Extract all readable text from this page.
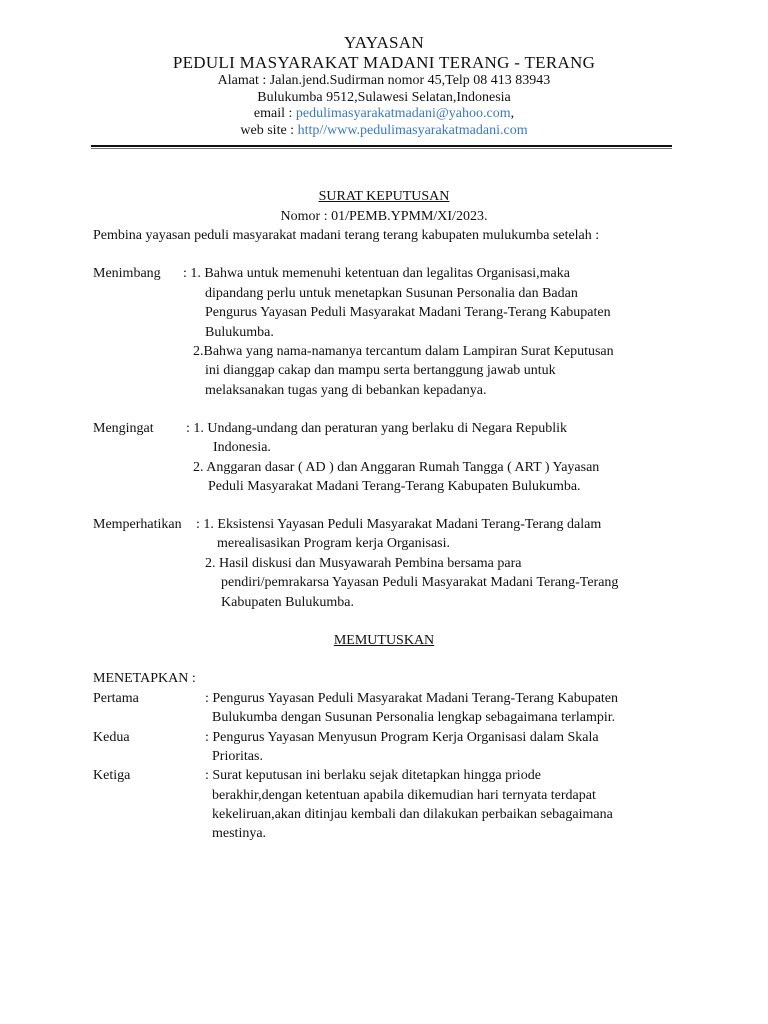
YAYASAN
PEDULI MASYARAKAT MADANI TERANG - TERANG
Alamat : Jalan.jend.Sudirman nomor 45,Telp 08 413 83943
Bulukumba 9512,Sulawesi Selatan,Indonesia
email : pedulimasyarakatmadani@yahoo.com,
web site : http//www.pedulimasyarakatmadani.com
SURAT KEPUTUSAN
Nomor : 01/PEMB.YPMM/XI/2023.
Pembina yayasan peduli masyarakat madani terang terang kabupaten mulukumba setelah :
Menimbang : 1. Bahwa untuk memenuhi ketentuan dan legalitas Organisasi,maka
dipandang perlu untuk menetapkan Susunan Personalia dan Badan
Pengurus Yayasan Peduli Masyarakat Madani Terang-Terang Kabupaten
Bulukumba.
2.Bahwa yang nama-namanya tercantum dalam Lampiran Surat Keputusan
ini dianggap cakap dan mampu serta bertanggung jawab untuk
melaksanakan tugas yang di bebankan kepadanya.
Mengingat : 1. Undang-undang dan peraturan yang berlaku di Negara Republik
Indonesia.
2. Anggaran dasar ( AD ) dan Anggaran Rumah Tangga ( ART ) Yayasan
Peduli Masyarakat Madani Terang-Terang Kabupaten Bulukumba.
Memperhatikan : 1. Eksistensi Yayasan Peduli Masyarakat Madani Terang-Terang dalam
merealisasikan Program kerja Organisasi.
2. Hasil diskusi dan Musyawarah Pembina bersama para
pendiri/pemrakarsa Yayasan Peduli Masyarakat Madani Terang-Terang
Kabupaten Bulukumba.
MEMUTUSKAN
MENETAPKAN :
Pertama	: Pengurus Yayasan Peduli Masyarakat Madani Terang-Terang Kabupaten
Bulukumba dengan Susunan Personalia lengkap sebagaimana terlampir.
Kedua	: Pengurus Yayasan Menyusun Program Kerja Organisasi dalam Skala
Prioritas.
Ketiga	: Surat keputusan ini berlaku sejak ditetapkan hingga priode
berakhir,dengan ketentuan apabila dikemudian hari ternyata terdapat
kekeliruan,akan ditinjau kembali dan dilakukan perbaikan sebagaimana
mestinya.
